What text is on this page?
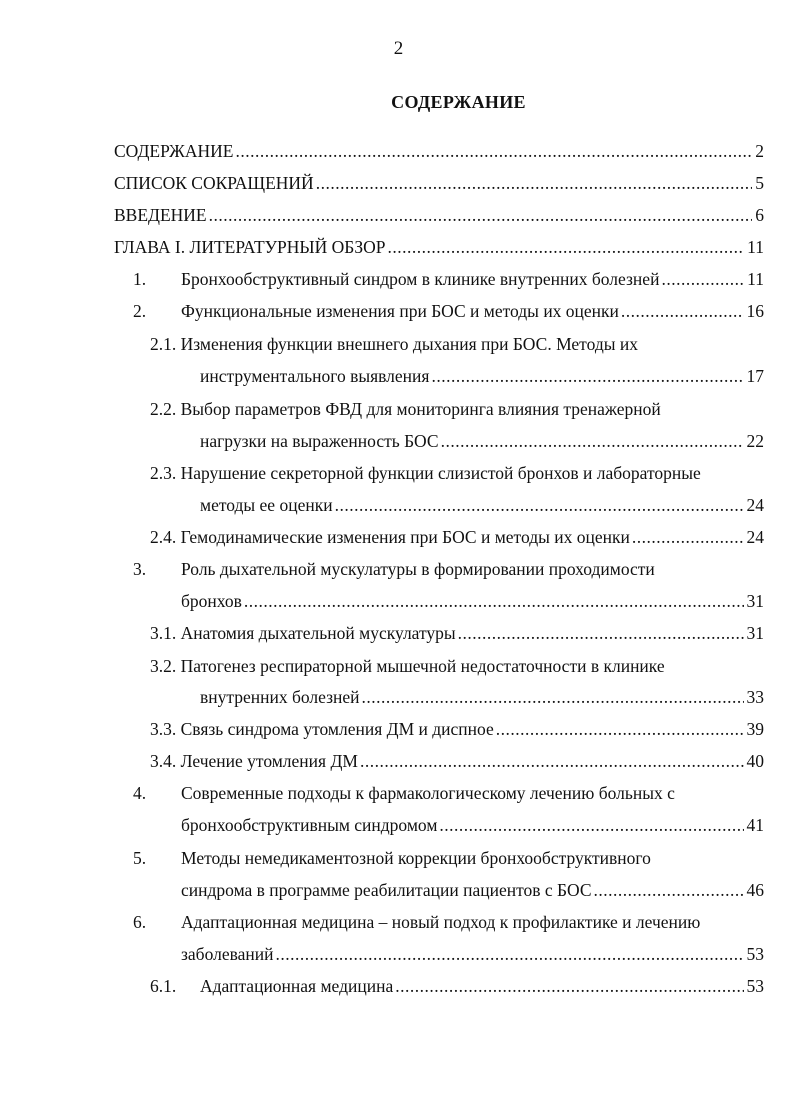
2
СОДЕРЖАНИЕ
СОДЕРЖАНИЕ .....	2
СПИСОК СОКРАЩЕНИЙ .....	5
ВВЕДЕНИЕ .....	6
ГЛАВА I. ЛИТЕРАТУРНЫЙ ОБЗОР .....	11
1. Бронхообструктивный синдром в клинике внутренних болезней .....	11
2. Функциональные изменения при БОС и методы их оценки .....	16
2.1. Изменения функции внешнего дыхания при БОС. Методы их
инструментального выявления .....	17
2.2. Выбор параметров ФВД для мониторинга влияния тренажерной
нагрузки на выраженность БОС .....	22
2.3. Нарушение секреторной функции слизистой бронхов и лабораторные
методы ее оценки .....	24
2.4. Гемодинамические изменения при БОС и методы их оценки .....	24
3. Роль дыхательной мускулатуры в формировании проходимости
бронхов .....	31
3.1. Анатомия дыхательной мускулатуры .....	31
3.2. Патогенез респираторной мышечной недостаточности в клинике
внутренних болезней .....	33
3.3. Связь синдрома утомления ДМ и диспное .....	39
3.4. Лечение утомления ДМ .....	40
4. Современные подходы к фармакологическому лечению больных с
бронхообструктивным синдромом .....	41
5. Методы немедикаментозной коррекции бронхообструктивного
синдрома в программе реабилитации пациентов с БОС .....	46
6. Адаптационная медицина – новый подход к профилактике и лечению
заболеваний .....	53
6.1. Адаптационная медицина .....	53
